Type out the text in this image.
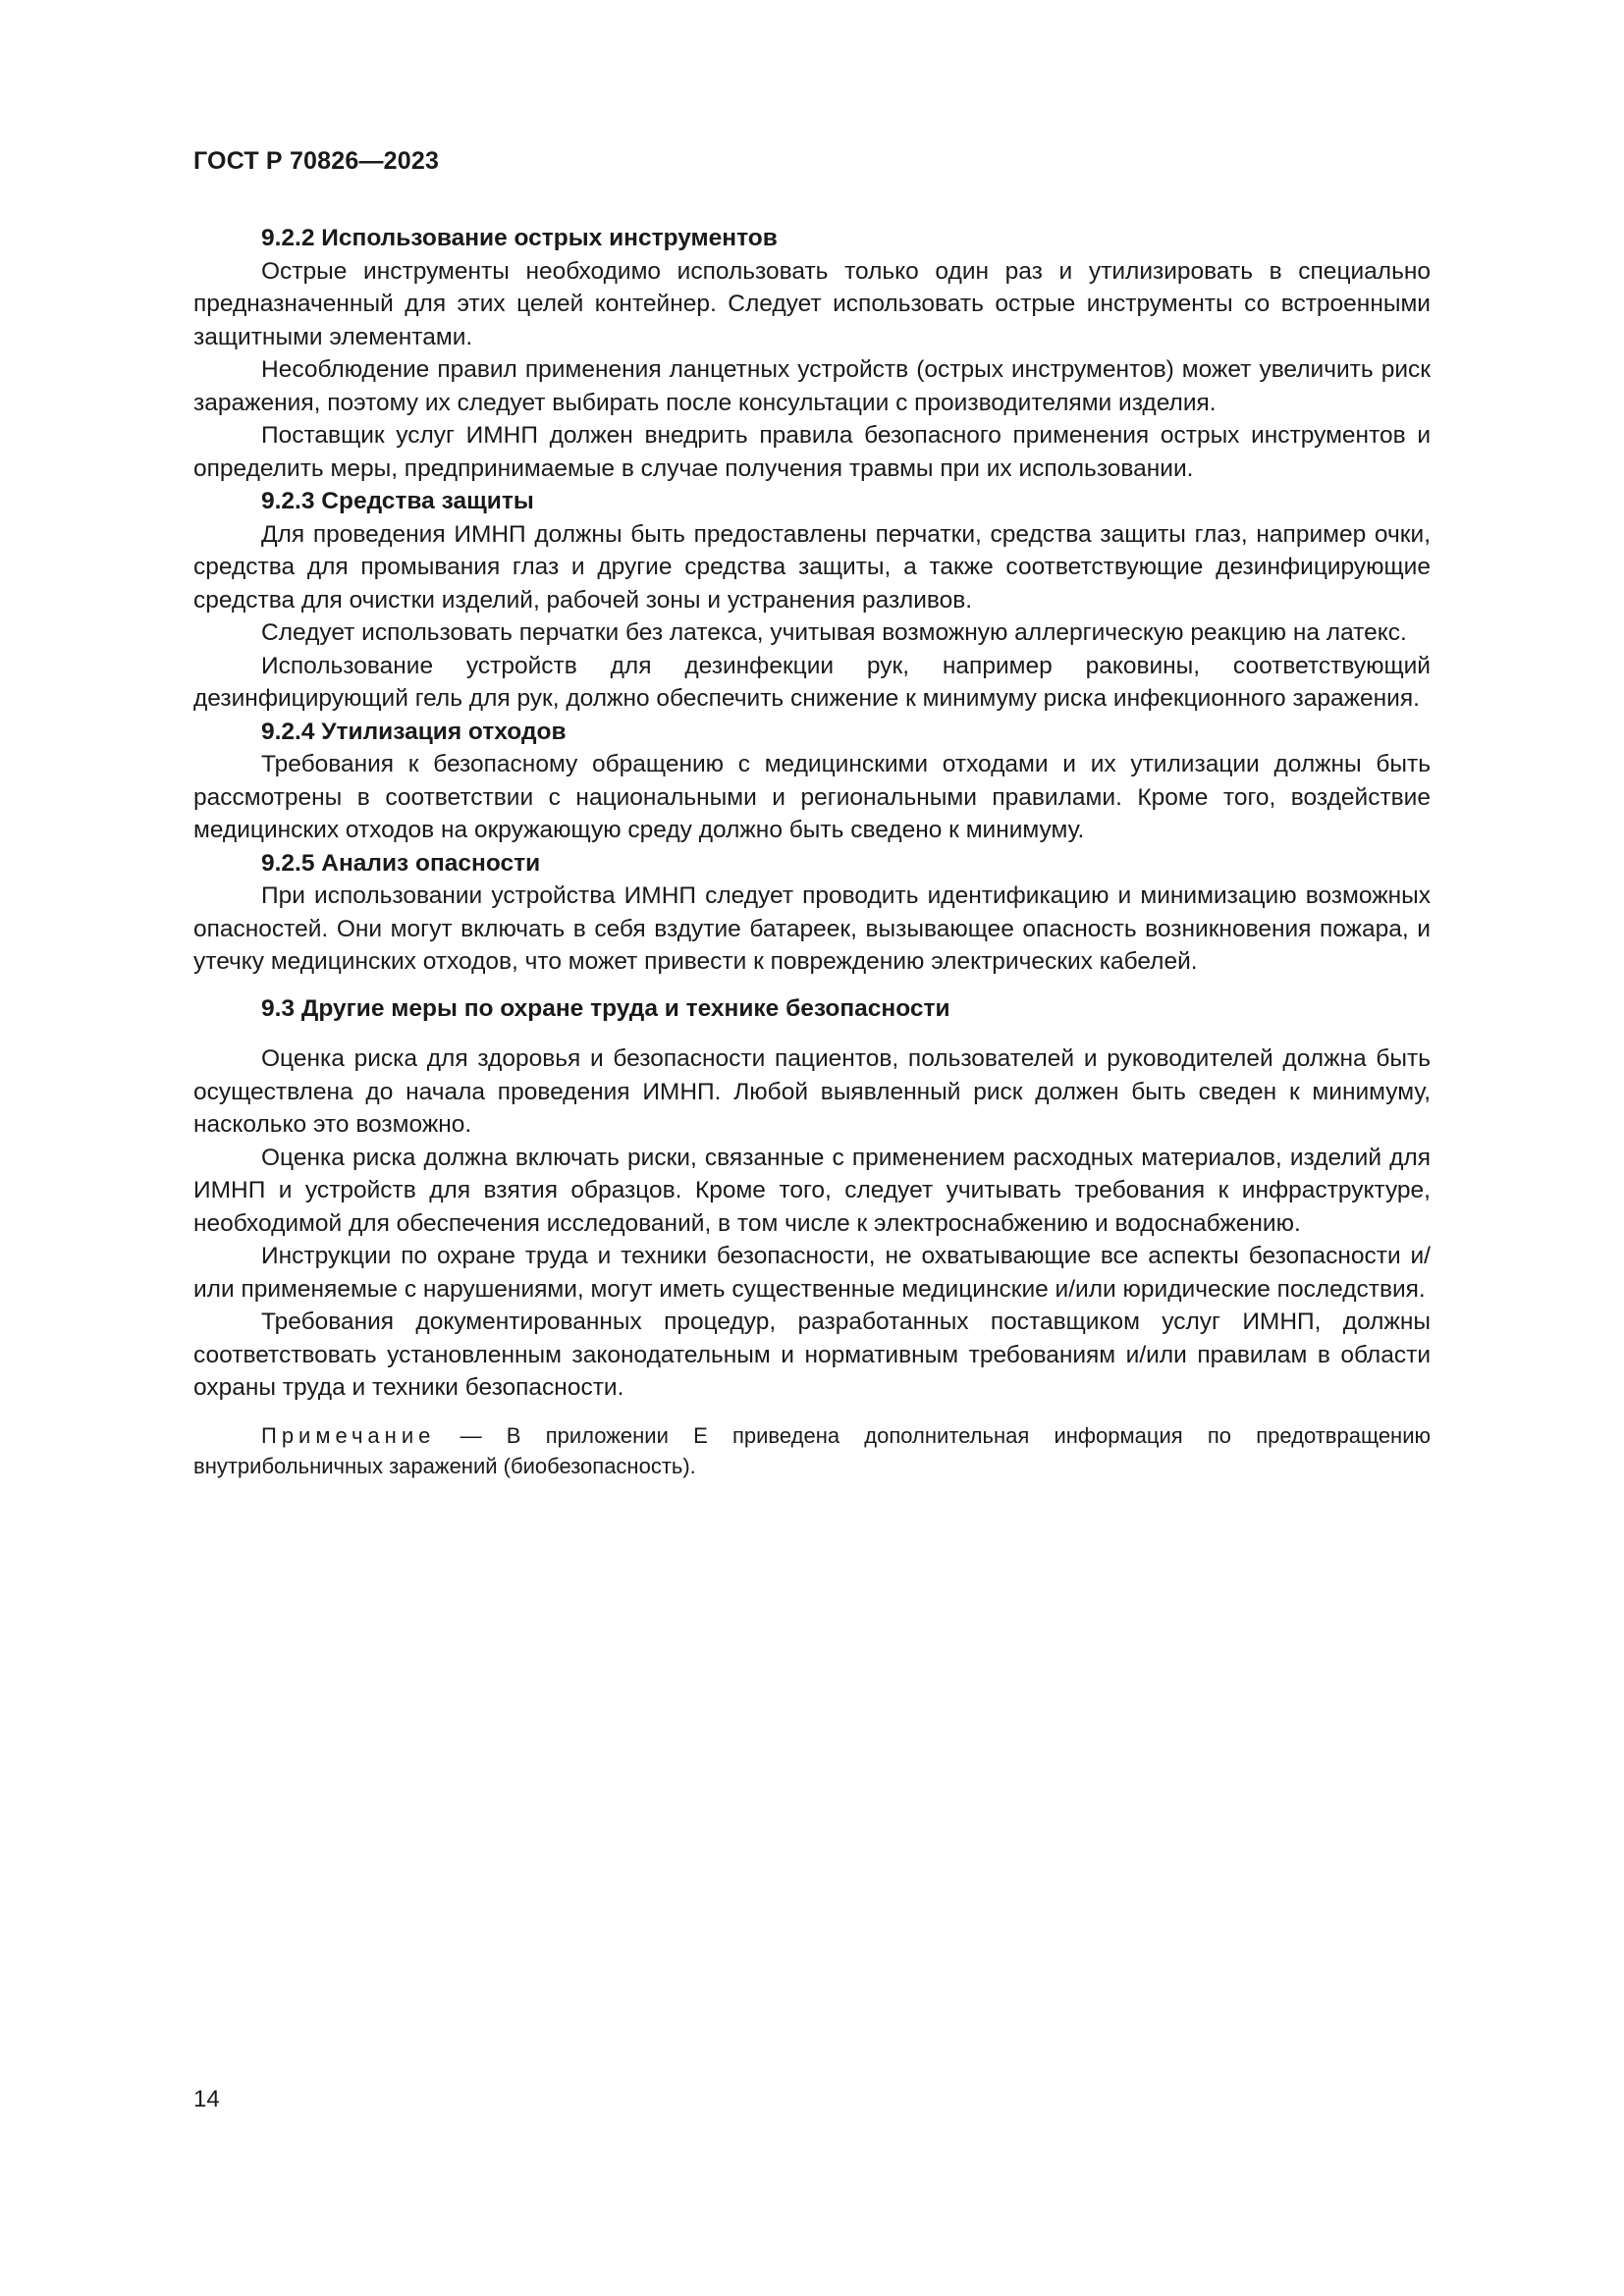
ГОСТ Р 70826—2023
9.2.2 Использование острых инструментов

Острые инструменты необходимо использовать только один раз и утилизировать в специально предназначенный для этих целей контейнер. Следует использовать острые инструменты со встроенными защитными элементами.

Несоблюдение правил применения ланцетных устройств (острых инструментов) может увеличить риск заражения, поэтому их следует выбирать после консультации с производителями изделия.

Поставщик услуг ИМНП должен внедрить правила безопасного применения острых инструментов и определить меры, предпринимаемые в случае получения травмы при их использовании.

9.2.3 Средства защиты

Для проведения ИМНП должны быть предоставлены перчатки, средства защиты глаз, например очки, средства для промывания глаз и другие средства защиты, а также соответствующие дезинфицирующие средства для очистки изделий, рабочей зоны и устранения разливов.

Следует использовать перчатки без латекса, учитывая возможную аллергическую реакцию на латекс.

Использование устройств для дезинфекции рук, например раковины, соответствующий дезинфицирующий гель для рук, должно обеспечить снижение к минимуму риска инфекционного заражения.

9.2.4 Утилизация отходов

Требования к безопасному обращению с медицинскими отходами и их утилизации должны быть рассмотрены в соответствии с национальными и региональными правилами. Кроме того, воздействие медицинских отходов на окружающую среду должно быть сведено к минимуму.

9.2.5 Анализ опасности

При использовании устройства ИМНП следует проводить идентификацию и минимизацию возможных опасностей. Они могут включать в себя вздутие батареек, вызывающее опасность возникновения пожара, и утечку медицинских отходов, что может привести к повреждению электрических кабелей.

9.3 Другие меры по охране труда и технике безопасности

Оценка риска для здоровья и безопасности пациентов, пользователей и руководителей должна быть осуществлена до начала проведения ИМНП. Любой выявленный риск должен быть сведен к минимуму, насколько это возможно.

Оценка риска должна включать риски, связанные с применением расходных материалов, изделий для ИМНП и устройств для взятия образцов. Кроме того, следует учитывать требования к инфраструктуре, необходимой для обеспечения исследований, в том числе к электроснабжению и водоснабжению.

Инструкции по охране труда и техники безопасности, не охватывающие все аспекты безопасности и/или применяемые с нарушениями, могут иметь существенные медицинские и/или юридические последствия.

Требования документированных процедур, разработанных поставщиком услуг ИМНП, должны соответствовать установленным законодательным и нормативным требованиям и/или правилам в области охраны труда и техники безопасности.

Примечание — В приложении Е приведена дополнительная информация по предотвращению внутрибольничных заражений (биобезопасность).

14
